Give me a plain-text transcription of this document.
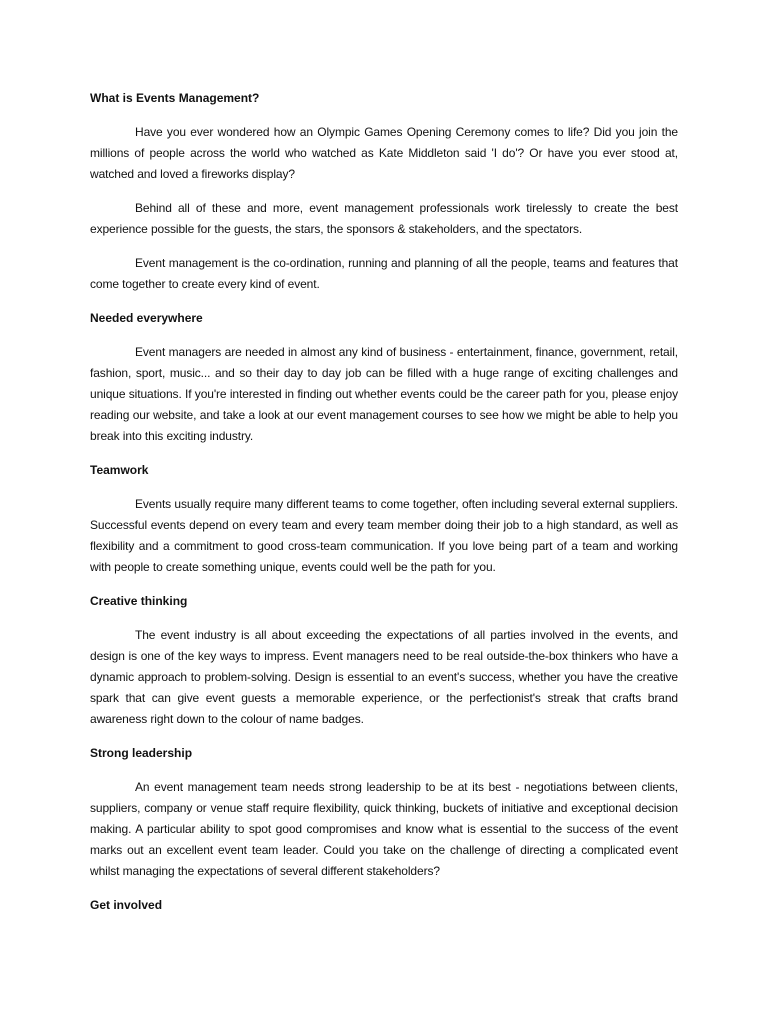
What is Events Management?

Have you ever wondered how an Olympic Games Opening Ceremony comes to life? Did you join the millions of people across the world who watched as Kate Middleton said 'I do'? Or have you ever stood at, watched and loved a fireworks display?

Behind all of these and more, event management professionals work tirelessly to create the best experience possible for the guests, the stars, the sponsors & stakeholders, and the spectators.

Event management is the co-ordination, running and planning of all the people, teams and features that come together to create every kind of event.

Needed everywhere

Event managers are needed in almost any kind of business - entertainment, finance, government, retail, fashion, sport, music... and so their day to day job can be filled with a huge range of exciting challenges and unique situations. If you're interested in finding out whether events could be the career path for you, please enjoy reading our website, and take a look at our event management courses to see how we might be able to help you break into this exciting industry.

Teamwork

Events usually require many different teams to come together, often including several external suppliers. Successful events depend on every team and every team member doing their job to a high standard, as well as flexibility and a commitment to good cross-team communication. If you love being part of a team and working with people to create something unique, events could well be the path for you.

Creative thinking

The event industry is all about exceeding the expectations of all parties involved in the events, and design is one of the key ways to impress. Event managers need to be real outside-the-box thinkers who have a dynamic approach to problem-solving. Design is essential to an event's success, whether you have the creative spark that can give event guests a memorable experience, or the perfectionist's streak that crafts brand awareness right down to the colour of name badges.

Strong leadership

An event management team needs strong leadership to be at its best - negotiations between clients, suppliers, company or venue staff require flexibility, quick thinking, buckets of initiative and exceptional decision making. A particular ability to spot good compromises and know what is essential to the success of the event marks out an excellent event team leader. Could you take on the challenge of directing a complicated event whilst managing the expectations of several different stakeholders?

Get involved
